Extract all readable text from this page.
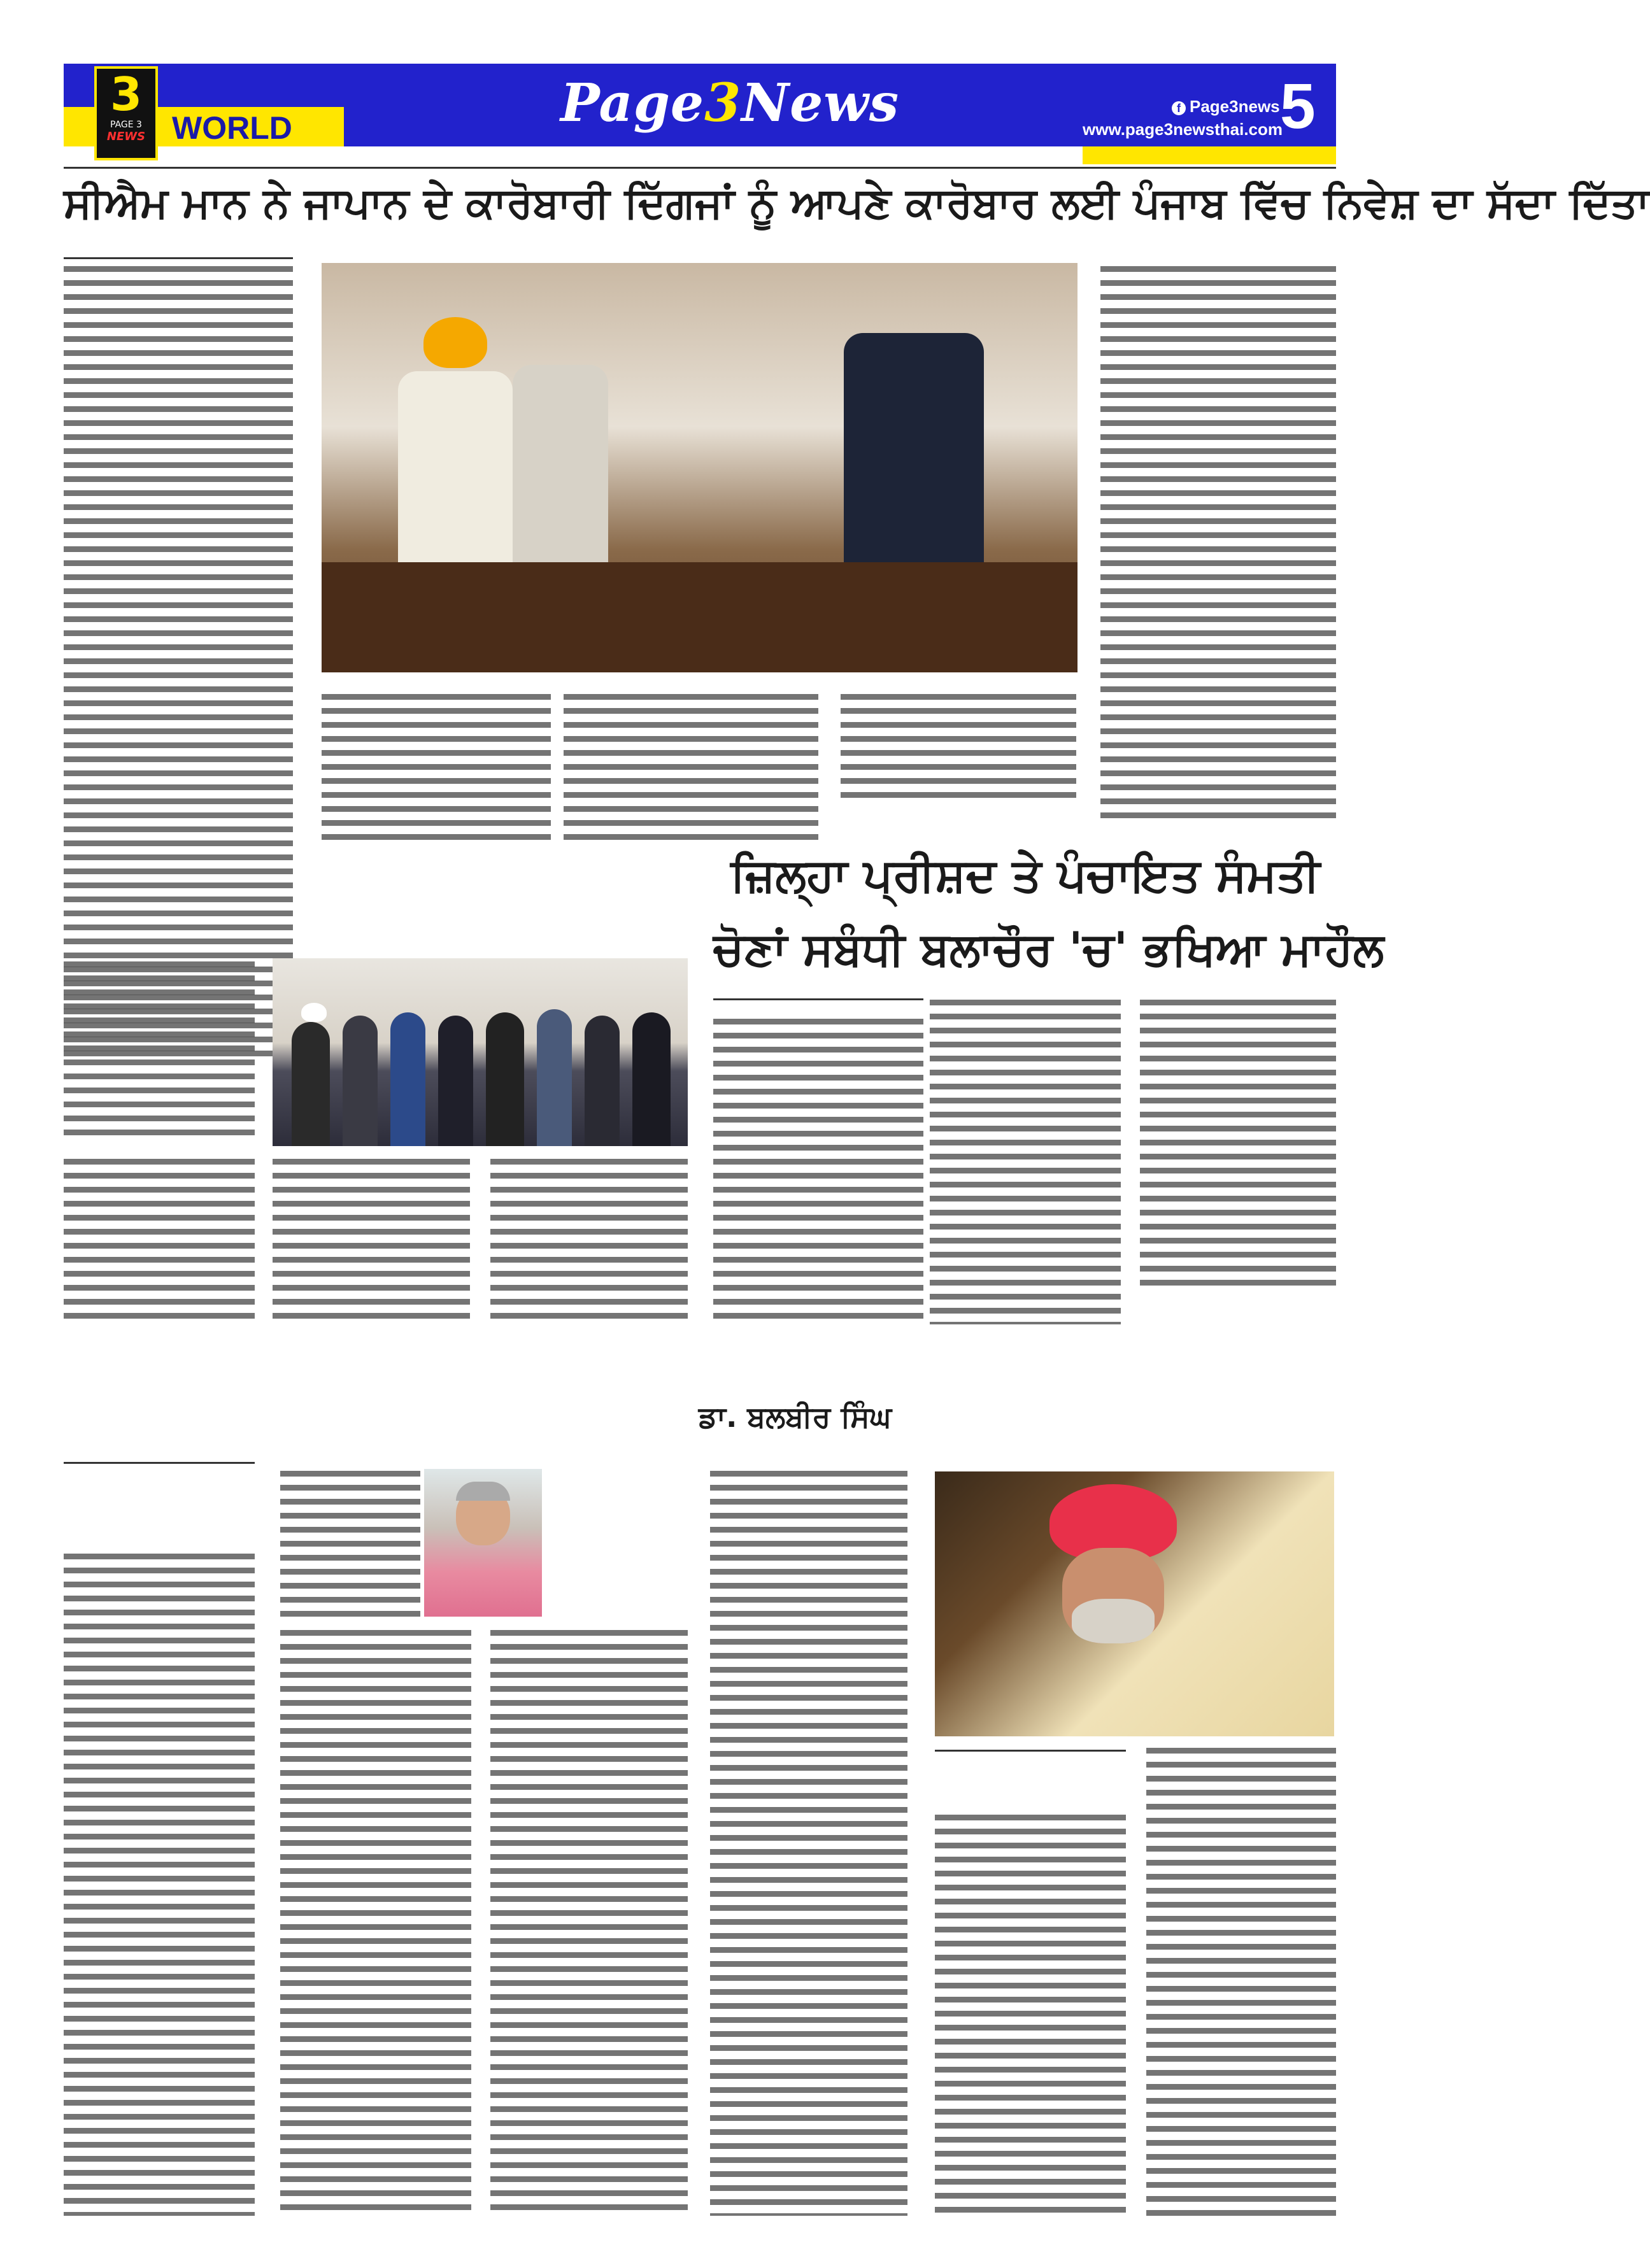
3
PAGE 3
NEWS WORLD	Page3News	f Page3news
www.page3newsthai.com
5
ਸੀਐਮ ਮਾਨ ਨੇ ਜਾਪਾਨ ਦੇ ਕਾਰੋਬਾਰੀ ਦਿੱਗਜਾਂ ਨੂੰ ਆਪਣੇ ਕਾਰੋਬਾਰ ਲਈ ਪੰਜਾਬ ਵਿੱਚ ਨਿਵੇਸ਼ ਦਾ ਸੱਦਾ ਦਿੱਤਾ
ਜ਼ਿਲ੍ਹਾ ਪ੍ਰੀਸ਼ਦ ਤੇ ਪੰਚਾਇਤ ਸੰਮਤੀ
ਚੋਣਾਂ ਸਬੰਧੀ ਬਲਾਚੌਰ 'ਚ' ਭਖਿਆ ਮਾਹੌਲ
ਡਾ. ਬਲਬੀਰ ਸਿੰਘ
